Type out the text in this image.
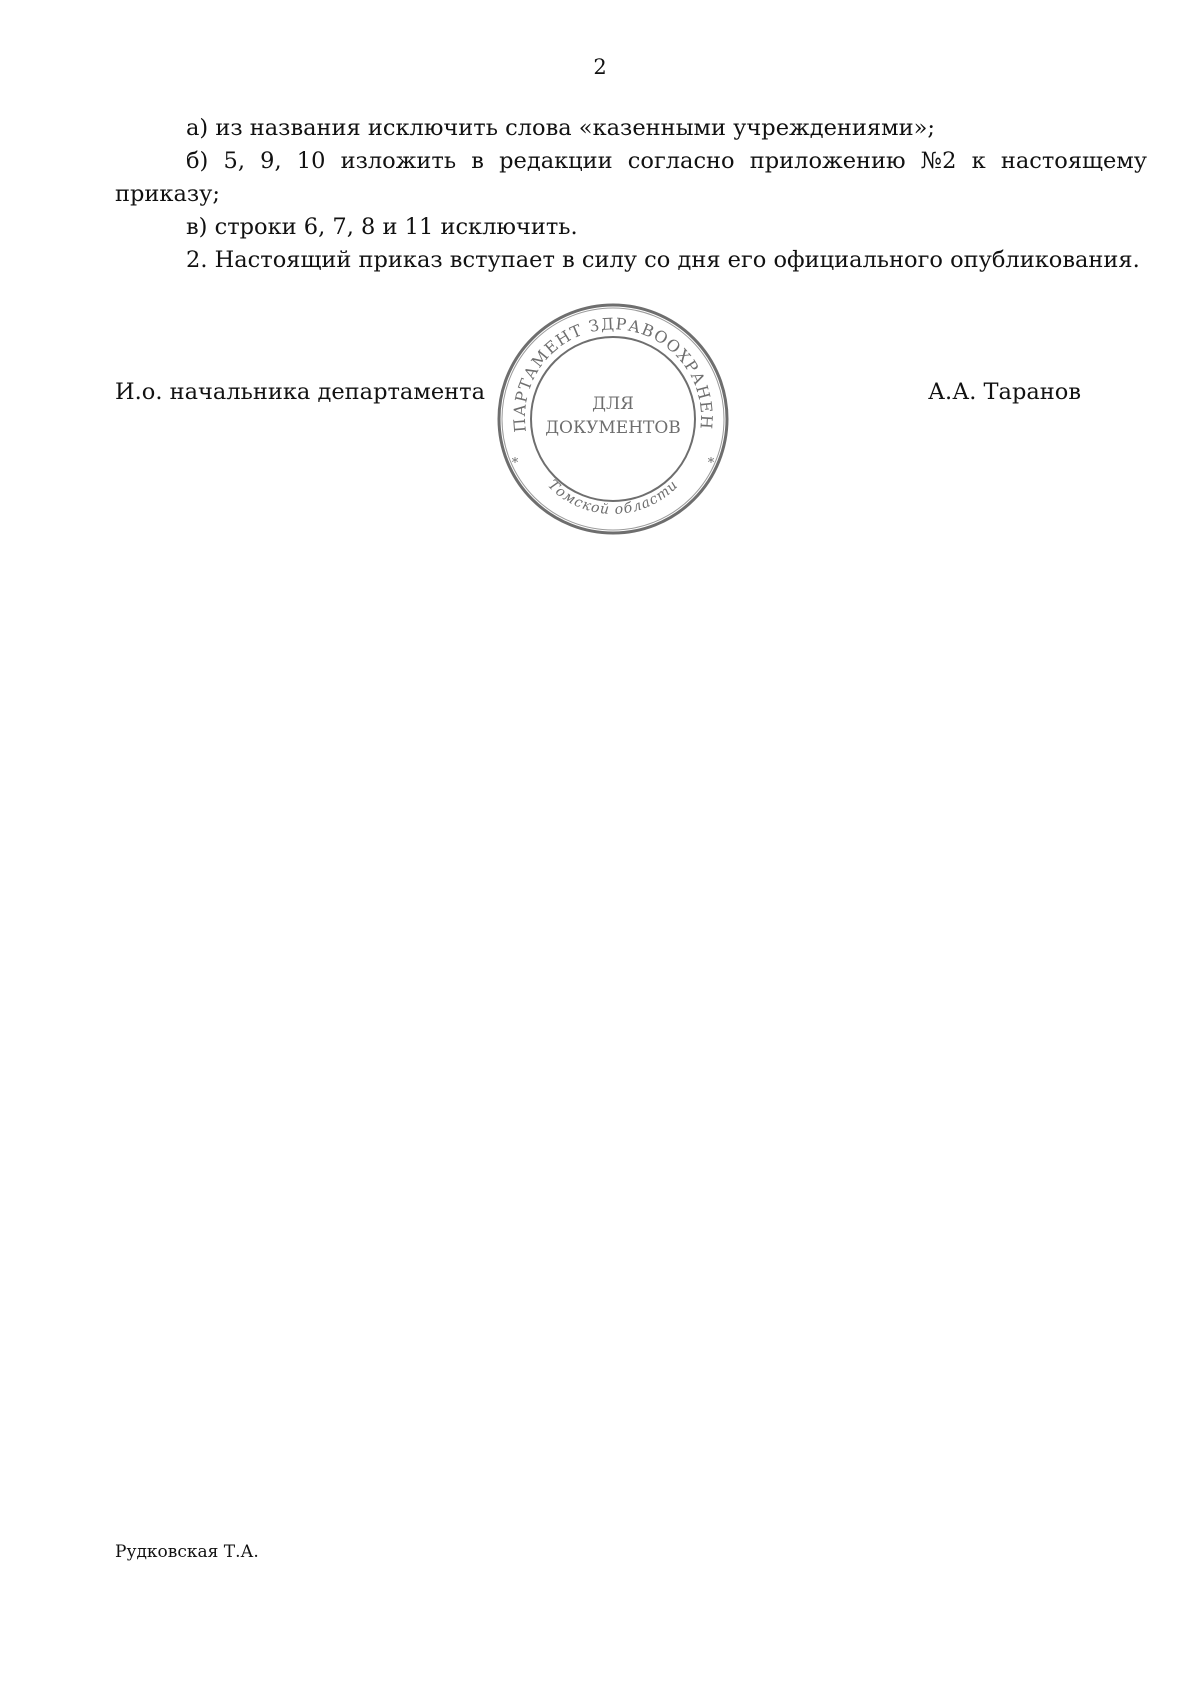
2

а) из названия исключить слова «казенными учреждениями»;

б) 5, 9, 10 изложить в редакции согласно приложению №2 к настоящему приказу;

в) строки 6, 7, 8 и 11 исключить.

2. Настоящий приказ вступает в силу со дня его официального опубликования.

И.о. начальника департамента	А.А. Таранов
ПАРТАМЕНТ ЗДРАВООХРАНЕН
Томской области
*	*
ДЛЯ
ДОКУМЕНТОВ
Рудковская Т.А.
